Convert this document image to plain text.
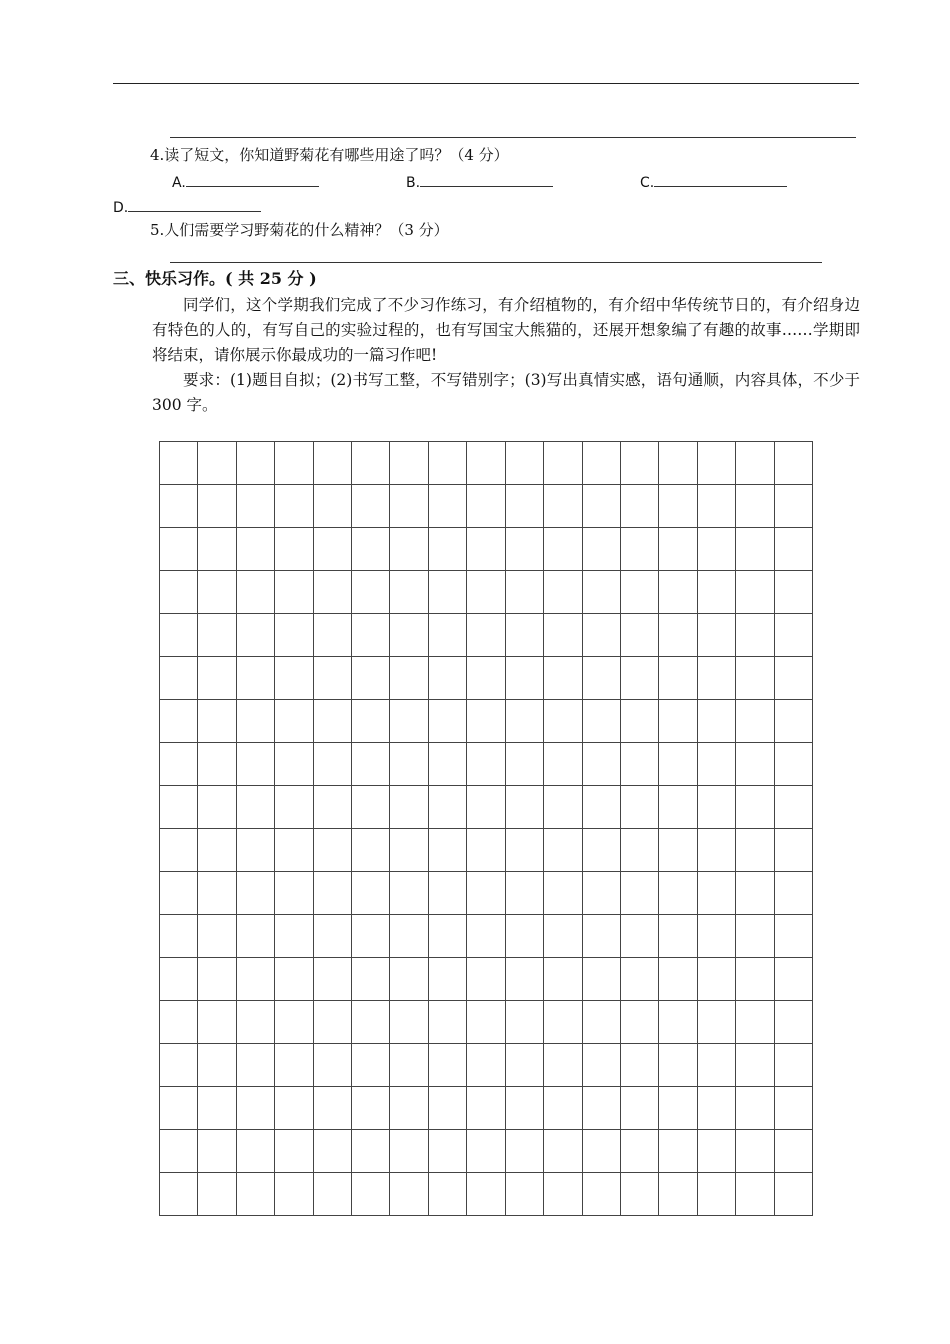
4.读了短文，你知道野菊花有哪些用途了吗？（4 分）
A.	B.	C.
D.
5.人们需要学习野菊花的什么精神？（3 分）
三、快乐习作。( 共 25 分 )
同学们，这个学期我们完成了不少习作练习，有介绍植物的，有介绍中华传统节日的，有介绍身边有特色的人的，有写自己的实验过程的，也有写国宝大熊猫的，还展开想象编了有趣的故事……学期即将结束，请你展示你最成功的一篇习作吧!
要求：(1)题目自拟；(2)书写工整，不写错别字；(3)写出真情实感，语句通顺，内容具体，不少于 300 字。
